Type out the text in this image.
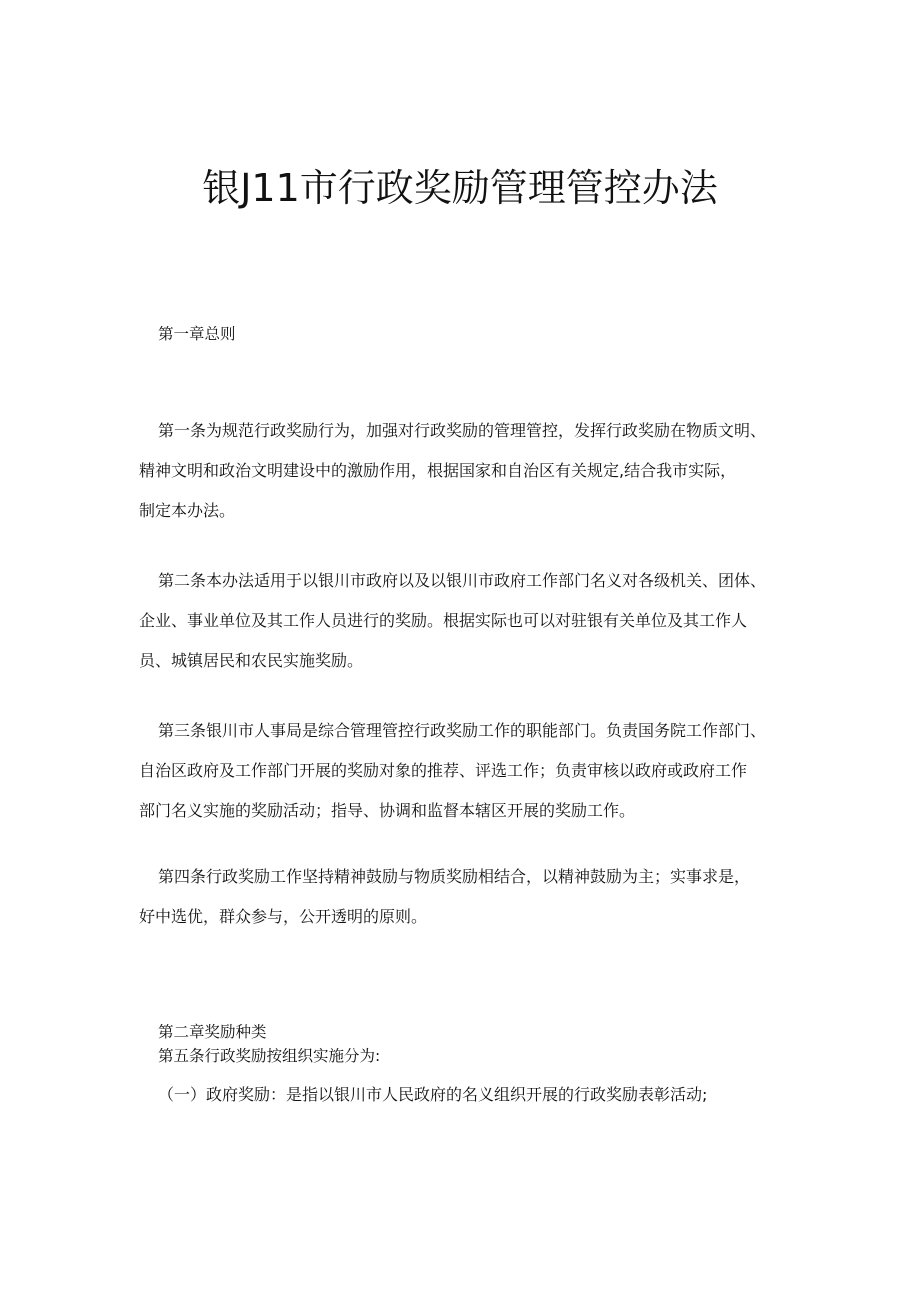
银J11市行政奖励管理管控办法
第一章总则
第一条为规范行政奖励行为，加强对行政奖励的管理管控，发挥行政奖励在物质文明、
精神文明和政治文明建设中的激励作用，根据国家和自治区有关规定,结合我市实际，
制定本办法。
第二条本办法适用于以银川市政府以及以银川市政府工作部门名义对各级机关、团体、
企业、事业单位及其工作人员进行的奖励。根据实际也可以对驻银有关单位及其工作人
员、城镇居民和农民实施奖励。
第三条银川市人事局是综合管理管控行政奖励工作的职能部门。负责国务院工作部门、
自治区政府及工作部门开展的奖励对象的推荐、评选工作；负责审核以政府或政府工作
部门名义实施的奖励活动；指导、协调和监督本辖区开展的奖励工作。
第四条行政奖励工作坚持精神鼓励与物质奖励相结合，以精神鼓励为主；实事求是，
好中选优，群众参与，公开透明的原则。
第二章奖励种类
第五条行政奖励按组织实施分为:
（一）政府奖励：是指以银川市人民政府的名义组织开展的行政奖励表彰活动;
